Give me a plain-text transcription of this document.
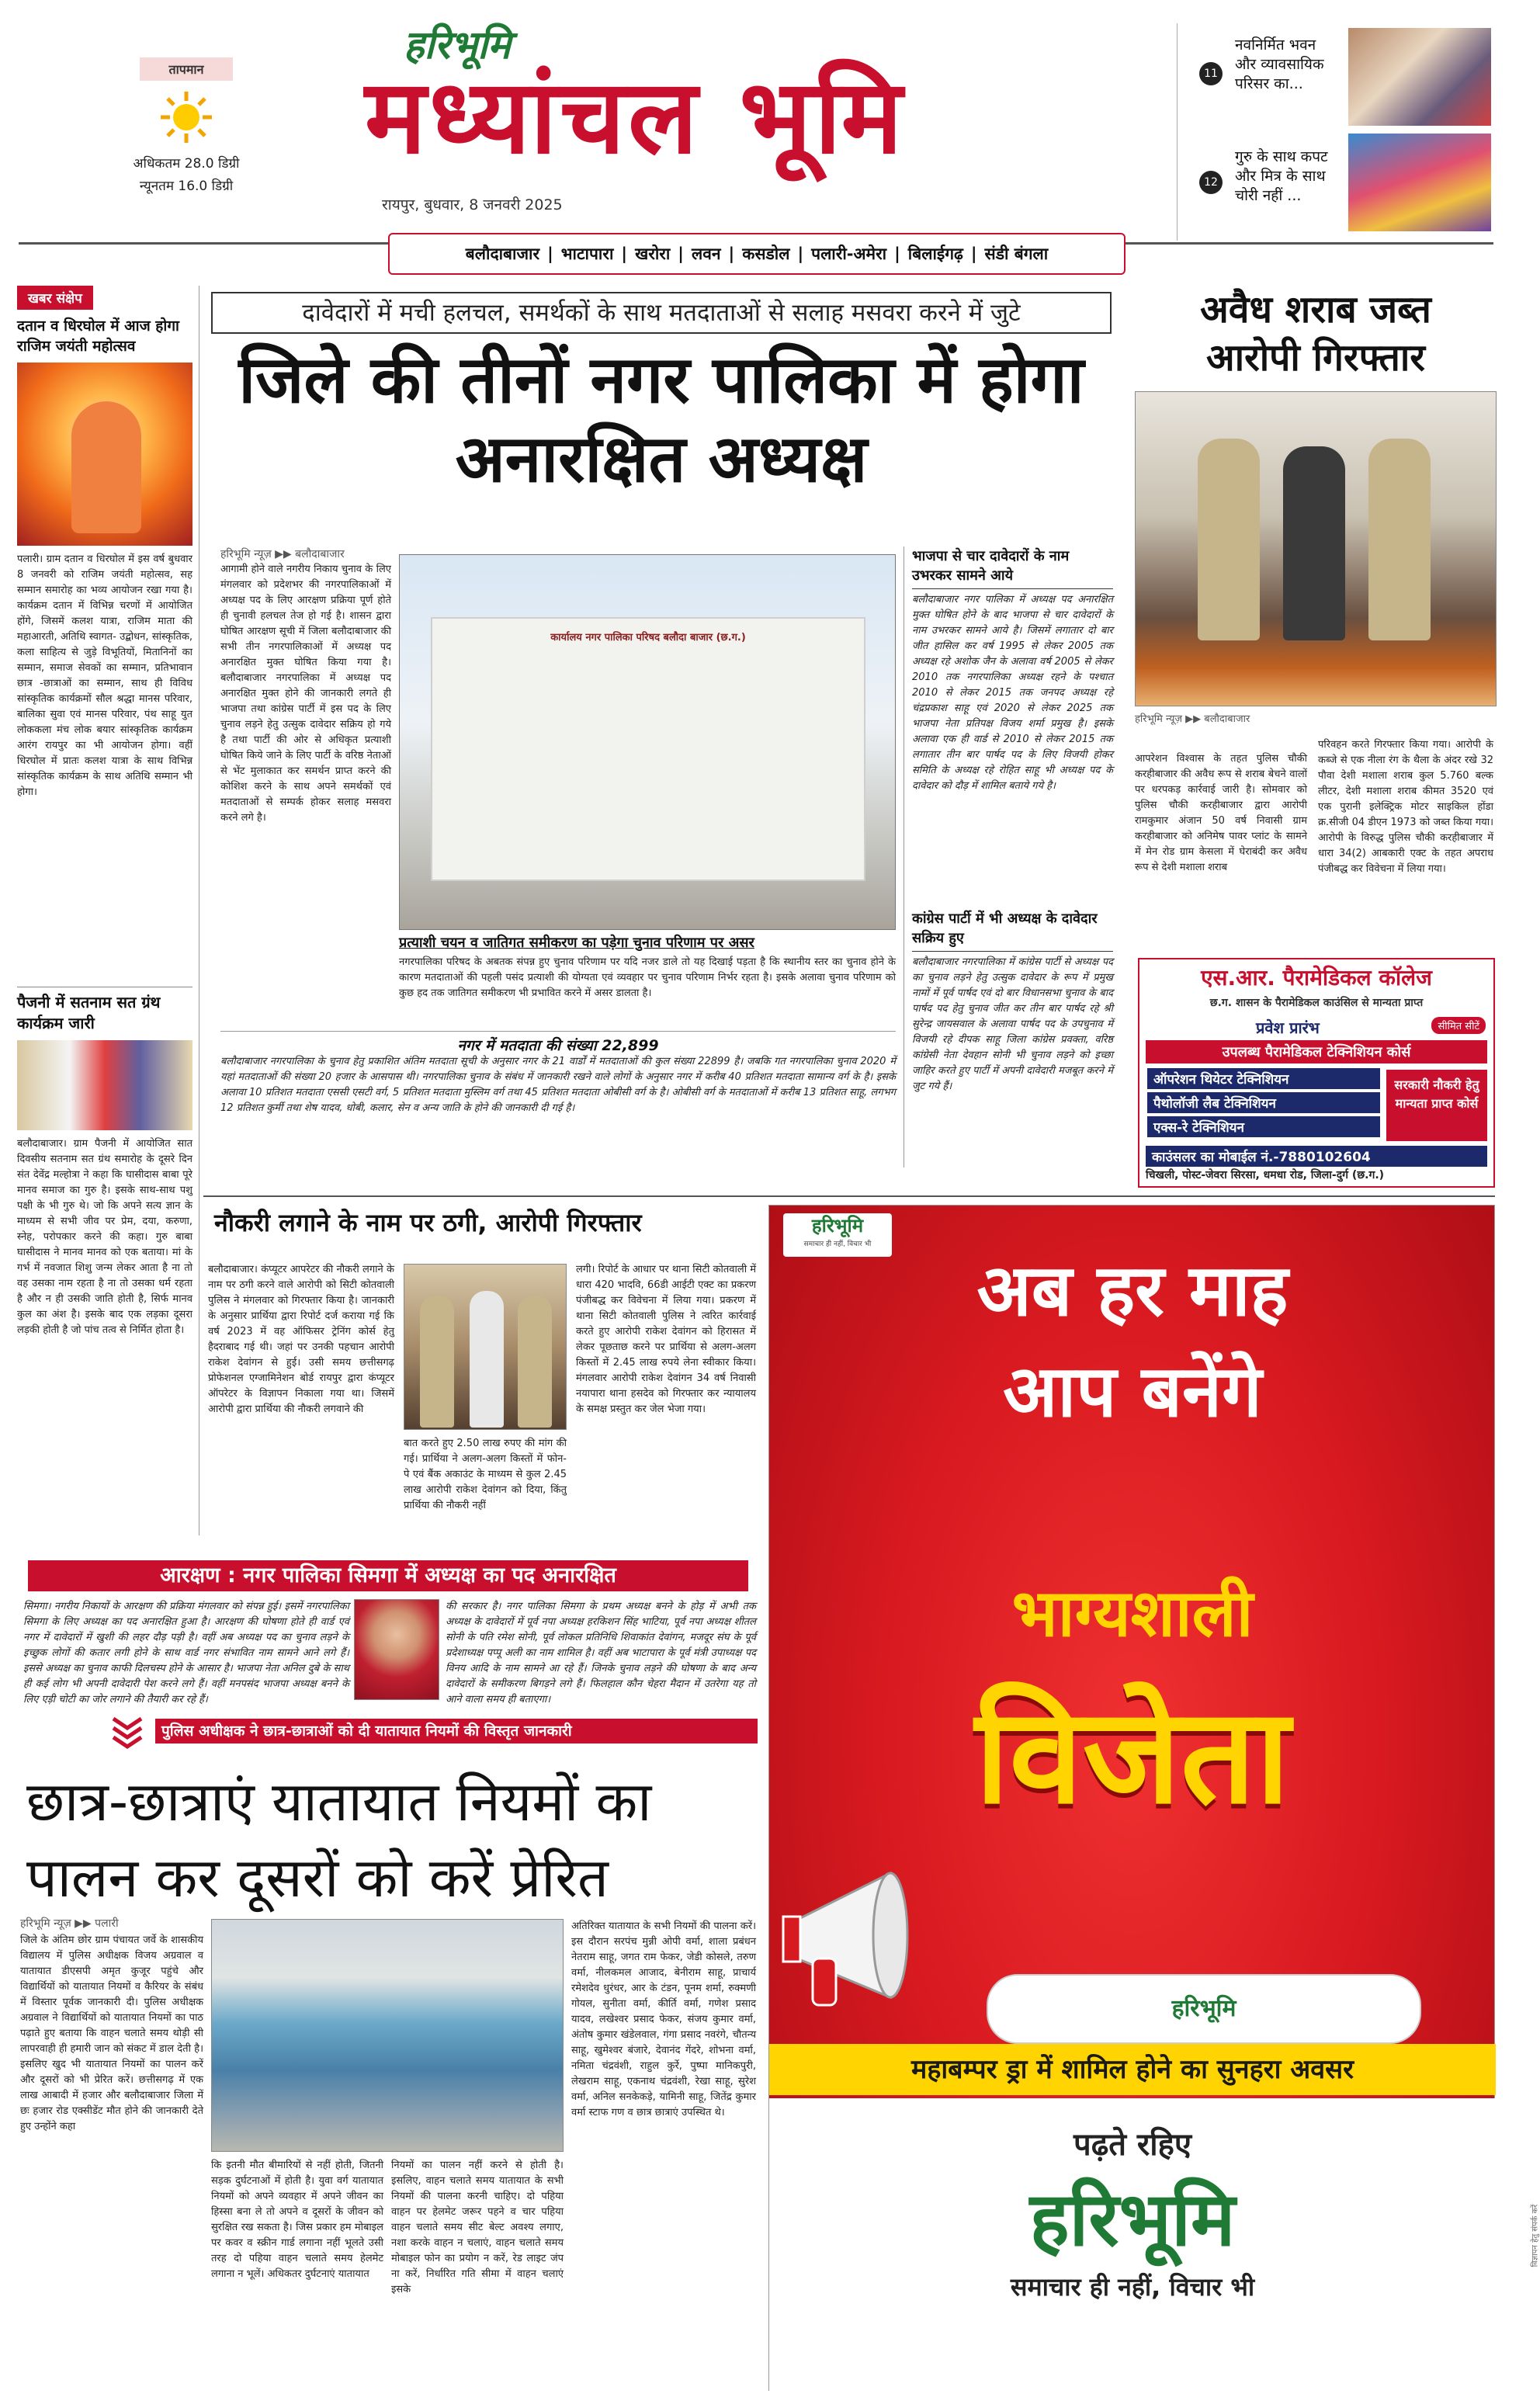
तापमान
अधिकतम 28.0 डिग्री
न्यूनतम 16.0 डिग्री
हरिभूमि
मध्यांचल भूमि
रायपुर, बुधवार, 8 जनवरी 2025
11
नवनिर्मित भवन और व्यावसायिक परिसर का...
12
गुरु के साथ कपट और मित्र के साथ चोरी नहीं ...
बलौदाबाजार | भाटापारा | खरोरा | लवन | कसडोल | पलारी-अमेरा | बिलाईगढ़ | संडी बंगला
खबर संक्षेप
दतान व धिरघोल में आज होगा राजिम जयंती महोत्सव
पलारी। ग्राम दतान व धिरघोल में इस वर्ष बुधवार 8 जनवरी को राजिम जयंती महोत्सव, सह सम्मान समारोह का भव्य आयोजन रखा गया है। कार्यक्रम दतान में विभिन्न चरणों में आयोजित होंगे, जिसमें कलश यात्रा, राजिम माता की महाआरती, अतिथि स्वागत- उद्बोधन, सांस्कृतिक, कला साहित्य से जुड़े विभूतियों, मितानिनों का सम्मान, समाज सेवकों का सम्मान, प्रतिभावान छात्र -छात्राओं का सम्मान, साथ ही विविध सांस्कृतिक कार्यक्रमों सौल श्रद्धा मानस परिवार, बालिका सुवा एवं मानस परिवार, पंथ साहू युत लोककला मंच लोक बयार सांस्कृतिक कार्यक्रम आरंग रायपुर का भी आयोजन होगा। वहीं धिरघोल में प्रातः कलश यात्रा के साथ विभिन्न सांस्कृतिक कार्यक्रम के साथ अतिथि सम्मान भी होगा।
पैजनी में सतनाम सत ग्रंथ कार्यक्रम जारी
बलौदाबाजार। ग्राम पैजनी में आयोजित सात दिवसीय सतनाम सत ग्रंथ समारोह के दूसरे दिन संत देवेंद्र मल्होत्रा ने कहा कि घासीदास बाबा पूरे मानव समाज का गुरु है। इसके साथ-साथ पशु पक्षी के भी गुरु थे। जो कि अपने सत्य ज्ञान के माध्यम से सभी जीव पर प्रेम, दया, करुणा, स्नेह, परोपकार करने की कहा। गुरु बाबा घासीदास ने मानव मानव को एक बताया। मां के गर्भ में नवजात शिशु जन्म लेकर आता है ना तो वह उसका नाम रहता है ना तो उसका धर्म रहता है और न ही उसकी जाति होती है, सिर्फ मानव कुल का अंश है। इसके बाद एक लड़का दूसरा लड़की होती है जो पांच तत्व से निर्मित होता है।
दावेदारों में मची हलचल, समर्थकों के साथ मतदाताओं से सलाह मसवरा करने में जुटे
जिले की तीनों नगर पालिका में होगा अनारक्षित अध्यक्ष
हरिभूमि न्यूज़ ▶▶ बलौदाबाजार
कार्यालय नगर पालिका परिषद बलौदा बाजार (छ.ग.)
आगामी होने वाले नगरीय निकाय चुनाव के लिए मंगलवार को प्रदेशभर की नगरपालिकाओं में अध्यक्ष पद के लिए आरक्षण प्रक्रिया पूर्ण होते ही चुनावी हलचल तेज हो गई है। शासन द्वारा घोषित आरक्षण सूची में जिला बलौदाबाजार की सभी तीन नगरपालिकाओं में अध्यक्ष पद अनारक्षित मुक्त घोषित किया गया है। बलौदाबाजार नगरपालिका में अध्यक्ष पद अनारक्षित मुक्त होने की जानकारी लगते ही भाजपा तथा कांग्रेस पार्टी में इस पद के लिए चुनाव लड़ने हेतु उत्सुक दावेदार सक्रिय हो गये है तथा पार्टी की ओर से अधिकृत प्रत्याशी घोषित किये जाने के लिए पार्टी के वरिष्ठ नेताओं से भेंट मुलाकात कर समर्थन प्राप्त करने की कोशिश करने के साथ अपने समर्थकों एवं मतदाताओं से सम्पर्क होकर सलाह मसवरा करने लगे है।
प्रत्याशी चयन व जातिगत समीकरण का पड़ेगा चुनाव परिणाम पर असर
नगरपालिका परिषद के अबतक संपन्न हुए चुनाव परिणाम पर यदि नजर डाले तो यह दिखाई पड़ता है कि स्थानीय स्तर का चुनाव होने के कारण मतदाताओं की पहली पसंद प्रत्याशी की योग्यता एवं व्यवहार पर चुनाव परिणाम निर्भर रहता है। इसके अलावा चुनाव परिणाम को कुछ हद तक जातिगत समीकरण भी प्रभावित करने में असर डालता है।
नगर में मतदाता की संख्या 22,899
बलौदाबाजार नगरपालिका के चुनाव हेतु प्रकाशित अंतिम मतदाता सूची के अनुसार नगर के 21 वार्डों में मतदाताओं की कुल संख्या 22899 है। जबकि गत नगरपालिका चुनाव 2020 में यहां मतदाताओं की संख्या 20 हजार के आसपास थी। नगरपालिका चुनाव के संबंध में जानकारी रखने वाले लोगों के अनुसार नगर में करीब 40 प्रतिशत मतदाता सामान्य वर्ग के है। इसके अलावा 10 प्रतिशत मतदाता एससी एसटी वर्ग, 5 प्रतिशत मतदाता मुस्लिम वर्ग तथा 45 प्रतिशत मतदाता ओबीसी वर्ग के है। ओबीसी वर्ग के मतदाताओं में करीब 13 प्रतिशत साहू, लगभग 12 प्रतिशत कुर्मी तथा शेष यादव, धोबी, कलार, सेन व अन्य जाति के होने की जानकारी दी गई है।
भाजपा से चार दावेदारों के नाम उभरकर सामने आये
बलौदाबाजार नगर पालिका में अध्यक्ष पद अनारक्षित मुक्त घोषित होने के बाद भाजपा से चार दावेदारों के नाम उभरकर सामने आये है। जिसमें लगातार दो बार जीत हासिल कर वर्ष 1995 से लेकर 2005 तक अध्यक्ष रहे अशोक जैन के अलावा वर्ष 2005 से लेकर 2010 तक नगरपालिका अध्यक्ष रहने के पश्चात 2010 से लेकर 2015 तक जनपद अध्यक्ष रहे चंद्रप्रकाश साहू एवं 2020 से लेकर 2025 तक भाजपा नेता प्रतिपक्ष विजय शर्मा प्रमुख है। इसके अलावा एक ही वार्ड से 2010 से लेकर 2015 तक लगातार तीन बार पार्षद पद के लिए विजयी होकर समिति के अध्यक्ष रहे रोहित साहू भी अध्यक्ष पद के दावेदार को दौड़ में शामिल बताये गये है।
कांग्रेस पार्टी में भी अध्यक्ष के दावेदार सक्रिय हुए
बलौदाबाजार नगरपालिका में कांग्रेस पार्टी से अध्यक्ष पद का चुनाव लड़ने हेतु उत्सुक दावेदार के रूप में प्रमुख नामों में पूर्व पार्षद एवं दो बार विधानसभा चुनाव के बाद पार्षद पद हेतु चुनाव जीत कर तीन बार पार्षद रहे श्री सुरेन्द्र जायसवाल के अलावा पार्षद पद के उपचुनाव में विजयी रहे दीपक साहू जिला कांग्रेस प्रवक्ता, वरिष्ठ कांग्रेसी नेता देवहान सोनी भी चुनाव लड़ने को इच्छा जाहिर करते हुए पार्टी में अपनी दावेदारी मजबूत करने में जुट गये हैं।
अवैध शराब जब्त आरोपी गिरफ्तार
हरिभूमि न्यूज़ ▶▶ बलौदाबाजार
आपरेशन विश्वास के तहत पुलिस चौकी करहीबाजार की अवैध रूप से शराब बेचने वालों पर धरपकड़ कार्रवाई जारी है। सोमवार को पुलिस चौकी करहीबाजार द्वारा आरोपी रामकुमार अंजान 50 वर्ष निवासी ग्राम करहीबाजार को अनिमेष पावर प्लांट के सामने में मेन रोड ग्राम केसला में घेराबंदी कर अवैध रूप से देशी मशाला शराब
परिवहन करते गिरफ्तार किया गया। आरोपी के कब्जे से एक नीला रंग के थैला के अंदर रखे 32 पौवा देशी मशाला शराब कुल 5.760 बल्क लीटर, देशी मशाला शराब कीमत 3520 एवं एक पुरानी इलेक्ट्रिक मोटर साइकिल होंडा क्र.सीजी 04 डीएन 1973 को जब्त किया गया। आरोपी के विरुद्ध पुलिस चौकी करहीबाजार में धारा 34(2) आबकारी एक्ट के तहत अपराध पंजीबद्ध कर विवेचना में लिया गया।
एस.आर. पैरामेडिकल कॉलेज
छ.ग. शासन के पैरामेडिकल काउंसिल से मान्यता प्राप्त
सीमित सीटें
प्रवेश प्रारंभ
उपलब्ध पैरामेडिकल टेक्निशियन कोर्स
ऑपरेशन थियेटर टेक्निशियन
पैथोलॉजी लैब टेक्निशियन
एक्स-रे टेक्निशियन
सरकारी नौकरी हेतु मान्यता प्राप्त कोर्स
काउंसलर का मोबाईल नं.-7880102604
चिखली, पोस्ट-जेवरा सिरसा, धमधा रोड, जिला-दुर्ग (छ.ग.)
नौकरी लगाने के नाम पर ठगी, आरोपी गिरफ्तार
बलौदाबाजार। कंप्यूटर आपरेटर की नौकरी लगाने के नाम पर ठगी करने वाले आरोपी को सिटी कोतवाली पुलिस ने मंगलवार को गिरफ्तार किया है। जानकारी के अनुसार प्रार्थिया द्वारा रिपोर्ट दर्ज कराया गई कि वर्ष 2023 में वह ऑफिसर ट्रेनिंग कोर्स हेतु हैदराबाद गई थी। जहां पर उनकी पहचान आरोपी राकेश देवांगन से हुई। उसी समय छत्तीसगढ़ प्रोफेशनल एग्जामिनेशन बोर्ड रायपुर द्वारा कंप्यूटर ऑपरेटर के विज्ञापन निकाला गया था। जिसमें आरोपी द्वारा प्रार्थिया की नौकरी लगवाने की
बात करते हुए 2.50 लाख रुपए की मांग की गई। प्रार्थिया ने अलग-अलग किस्तों में फोन-पे एवं बैंक अकाउंट के माध्यम से कुल 2.45 लाख आरोपी राकेश देवांगन को दिया, किंतु प्रार्थिया की नौकरी नहीं
लगी। रिपोर्ट के आधार पर थाना सिटी कोतवाली में धारा 420 भादवि, 66डी आईटी एक्ट का प्रकरण पंजीबद्ध कर विवेचना में लिया गया। प्रकरण में थाना सिटी कोतवाली पुलिस ने त्वरित कार्रवाई करते हुए आरोपी राकेश देवांगन को हिरासत में लेकर पूछताछ करने पर प्रार्थिया से अलग-अलग किस्तों में 2.45 लाख रुपये लेना स्वीकार किया। मंगलवार आरोपी राकेश देवांगन 34 वर्ष निवासी नयापारा थाना हसदेव को गिरफ्तार कर न्यायालय के समक्ष प्रस्तुत कर जेल भेजा गया।
आरक्षण : नगर पालिका सिमगा में अध्यक्ष का पद अनारक्षित
सिमगा। नगरीय निकायों के आरक्षण की प्रक्रिया मंगलवार को संपन्न हुई। इसमें नगरपालिका सिमगा के लिए अध्यक्ष का पद अनारक्षित हुआ है। आरक्षण की घोषणा होते ही वार्ड एवं नगर में दावेदारों में खुशी की लहर दौड़ पड़ी है। वहीं अब अध्यक्ष पद का चुनाव लड़ने के इच्छुक लोगों की कतार लगी होने के साथ वार्ड नगर संभावित नाम सामने आने लगे हैं। इससे अध्यक्ष का चुनाव काफी दिलचस्प होने के आसार है। भाजपा नेता अनिल दुबे के साथ ही कई लोग भी अपनी दावेदारी पेश करने लगे हैं। वहीं मनपसंद भाजपा अध्यक्ष बनने के लिए एड़ी चोटी का जोर लगाने की तैयारी कर रहे हैं।
की सरकार है। नगर पालिका सिमगा के प्रथम अध्यक्ष बनने के होड़ में अभी तक अध्यक्ष के दावेदारों में पूर्व नपा अध्यक्ष हरकिशन सिंह भाटिया, पूर्व नपा अध्यक्ष शीतल सोनी के पति रमेश सोनी, पूर्व लोकल प्रतिनिधि शिवाकांत देवांगन, मजदूर संघ के पूर्व प्रदेशाध्यक्ष पप्पू अली का नाम शामिल है। वहीं अब भाटापारा के पूर्व मंत्री उपाध्यक्ष पद विनय आदि के नाम सामने आ रहे हैं। जिनके चुनाव लड़ने की घोषणा के बाद अन्य दावेदारों के समीकरण बिगड़ने लगे हैं। फिलहाल कौन चेहरा मैदान में उतरेगा यह तो आने वाला समय ही बताएगा।
पुलिस अधीक्षक ने छात्र-छात्राओं को दी यातायात नियमों की विस्तृत जानकारी
छात्र-छात्राएं यातायात नियमों का पालन कर दूसरों को करें प्रेरित
हरिभूमि न्यूज़ ▶▶ पलारी
जिले के अंतिम छोर ग्राम पंचायत जर्वे के शासकीय विद्यालय में पुलिस अधीक्षक विजय अग्रवाल व यातायात डीएसपी अमृत कुजूर पहुंचे और विद्यार्थियों को यातायात नियमों व कैरियर के संबंध में विस्तार पूर्वक जानकारी दी। पुलिस अधीक्षक अग्रवाल ने विद्यार्थियों को यातायात नियमों का पाठ पढ़ाते हुए बताया कि वाहन चलाते समय थोड़ी सी लापरवाही ही हमारी जान को संकट में डाल देती है। इसलिए खुद भी यातायात नियमों का पालन करें और दूसरों को भी प्रेरित करें। छत्तीसगढ़ में एक लाख आबादी में हजार और बलौदाबाजार जिला में छः हजार रोड एक्सीडेंट मौत होने की जानकारी देते हुए उन्होंने कहा
कि इतनी मौत बीमारियों से नहीं होती, जितनी सड़क दुर्घटनाओं में होती है। युवा वर्ग यातायात नियमों को अपने व्यवहार में अपने जीवन का हिस्सा बना ले तो अपने व दूसरों के जीवन को सुरक्षित रख सकता है। जिस प्रकार हम मोबाइल पर कवर व स्क्रीन गार्ड लगाना नहीं भूलते उसी तरह दो पहिया वाहन चलाते समय हेलमेट लगाना न भूलें। अधिकतर दुर्घटनाएं यातायात
नियमों का पालन नहीं करने से होती है। इसलिए, वाहन चलाते समय यातायात के सभी नियमों की पालना करनी चाहिए। दो पहिया वाहन पर हेलमेट जरूर पहने व चार पहिया वाहन चलाते समय सीट बेल्ट अवश्य लगाए, नशा करके वाहन न चलाएं, वाहन चलाते समय मोबाइल फोन का प्रयोग न करें, रेड लाइट जंप ना करें, निर्धारित गति सीमा में वाहन चलाएं इसके
अतिरिक्त यातायात के सभी नियमों की पालना करें। इस दौरान सरपंच मुन्नी ओपी वर्मा, शाला प्रबंधन नेतराम साहू, जगत राम फेकर, जेडी कोसले, तरुण वर्मा, नीलकमल आजाद, बेनीराम साहू, प्राचार्य रमेशदेव धुरंधर, आर के टंडन, पूनम शर्मा, रुक्मणी गोयल, सुनीता वर्मा, कीर्ति वर्मा, गणेश प्रसाद यादव, लखेश्वर प्रसाद फेकर, संजय कुमार वर्मा, अंतोष कुमार खंडेलवाल, गंगा प्रसाद नवरंगे, चौतन्य साहू, खुमेश्वर बंजारे, देवानंद गेंदरे, शोभना वर्मा, नमिता चंद्रवंशी, राहुल कुर्रे, पुष्पा मानिकपुरी, लेखराम साहू, एकनाथ चंद्रवंशी, रेखा साहू, सुरेश वर्मा, अनिल सनकेकड़े, यामिनी साहू, जितेंद्र कुमार वर्मा स्टाफ गण व छात्र छात्राएं उपस्थित थे।
हरिभूमि
समाचार ही नहीं, विचार भी
अब हर माह
आप बनेंगे
भाग्यशाली
विजेता
हरिभूमि
महाबम्पर ड्रा में शामिल होने का सुनहरा अवसर
पढ़ते रहिए
हरिभूमि
समाचार ही नहीं, विचार भी
विज्ञापन हेतु संपर्क करें
